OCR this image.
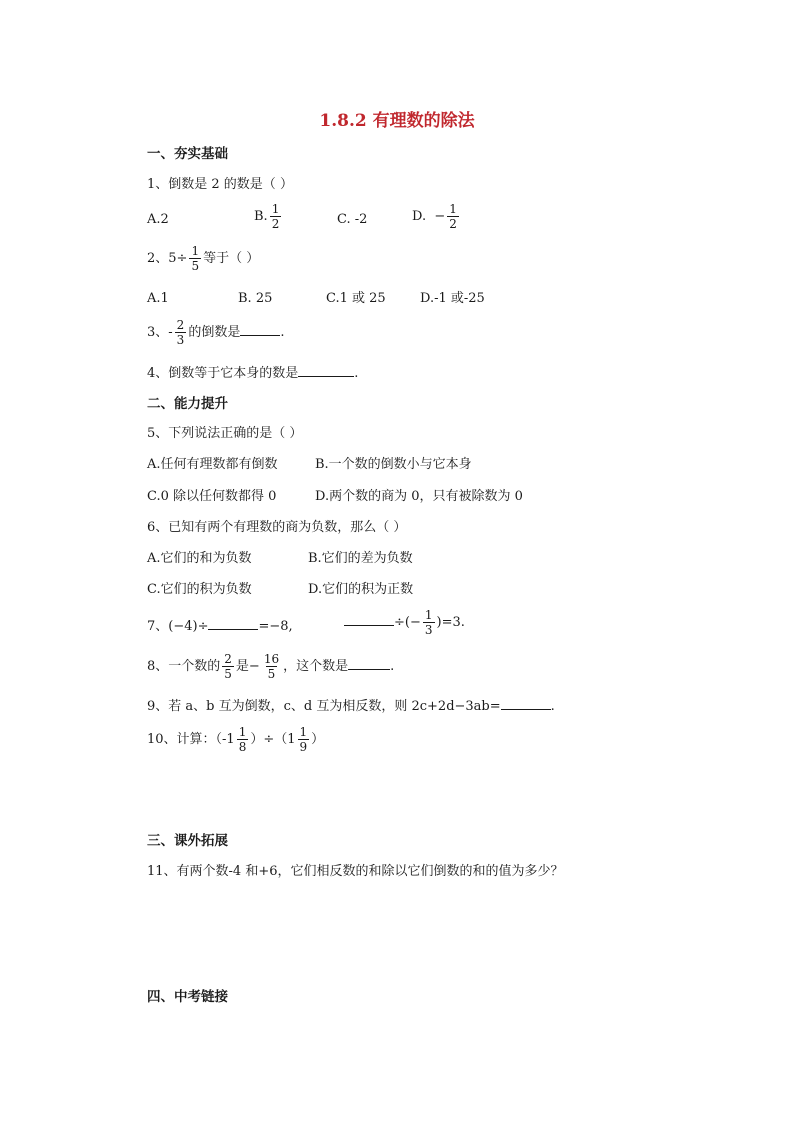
1.8.2 有理数的除法
一、夯实基础
1、倒数是 2 的数是（ ）
A.2	B. $\frac{1}{2}$	C. -2	D. − $\frac{1}{2}$
2、$5\div \frac{1}{5}$ 等于（ ）
A.1	B. 25	C.1 或 25	D.-1 或-25
3、- $\frac{2}{3}$ 的倒数是	.
4、倒数等于它本身的数是	.
二、能力提升
5、下列说法正确的是（ ）
A.任何有理数都有倒数	B.一个数的倒数小与它本身
C.0 除以任何数都得 0	D.两个数的商为 0，只有被除数为 0
6、已知有两个有理数的商为负数，那么（ ）
A.它们的和为负数	B.它们的差为负数
C.它们的积为负数	D.它们的积为正数
7、(−4)÷	=−8,	÷(− $\frac{1}{3} )=3$.
8、一个数的 $\frac{2}{5}$ 是− $\frac{16}{5}$ ，这个数是	.
9、若 a、b 互为倒数，c、d 互为相反数，则 2c+2d−3ab=	.
10、计算：$(-1 \frac{1}{8} )\div(1 \frac{1}{9}$ ）
三、课外拓展
11、有两个数-4 和+6，它们相反数的和除以它们倒数的和的值为多少？
四、中考链接
